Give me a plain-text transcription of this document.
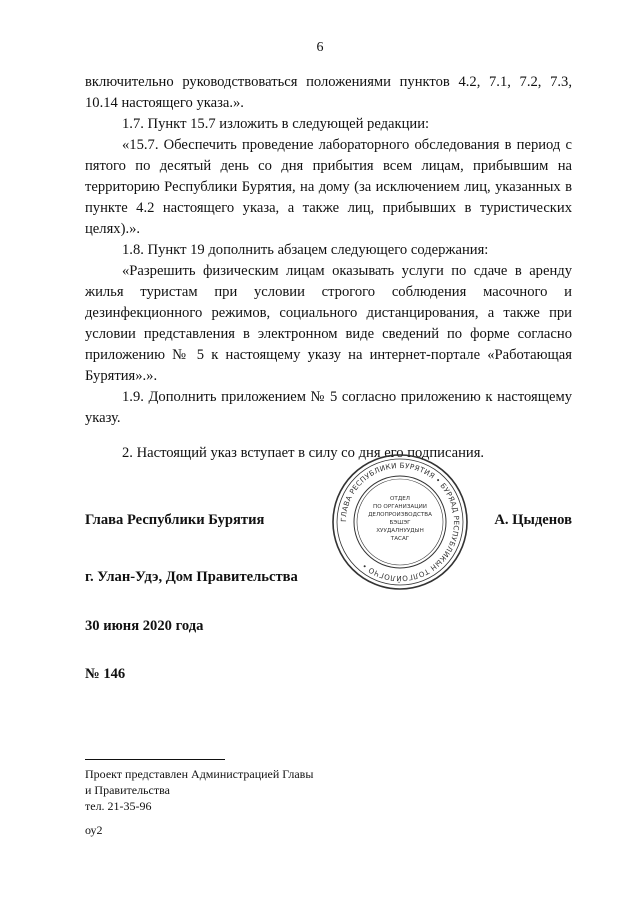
6

включительно руководствоваться положениями пунктов 4.2, 7.1, 7.2, 7.3, 10.14 настоящего указа.».

1.7. Пункт 15.7 изложить в следующей редакции:

«15.7. Обеспечить проведение лабораторного обследования в период с пятого по десятый день со дня прибытия всем лицам, прибывшим на территорию Республики Бурятия, на дому (за исключением лиц, указанных в пункте 4.2 настоящего указа, а также лиц, прибывших в туристических целях).».

1.8. Пункт 19 дополнить абзацем следующего содержания:

«Разрешить физическим лицам оказывать услуги по сдаче в аренду жилья туристам при условии строгого соблюдения масочного и дезинфекционного режимов, социального дистанцирования, а также при условии представления в электронном виде сведений по форме согласно приложению № 5 к настоящему указу на интернет-портале «Работающая Бурятия».».

1.9. Дополнить приложением № 5 согласно приложению к настоящему указу.

2. Настоящий указ вступает в силу со дня его подписания.

Глава Республики Бурятия	А. Цыденов
ГЛАВА РЕСПУБЛИКИ БУРЯТИЯ • БУРЯАД РЕСПУБЛИКЫН ТОЛГОЙЛОГЧО •
ОТДЕЛ
ПО ОРГАНИЗАЦИИ
ДЕЛОПРОИЗВОДСТВА
БЭШЭГ
ХУУДАЛНУУДЫН
ТАСАГ
г. Улан-Удэ, Дом Правительства
30 июня 2020 года
№ 146
Проект представлен Администрацией Главы
и Правительства
тел. 21-35-96
оу2
